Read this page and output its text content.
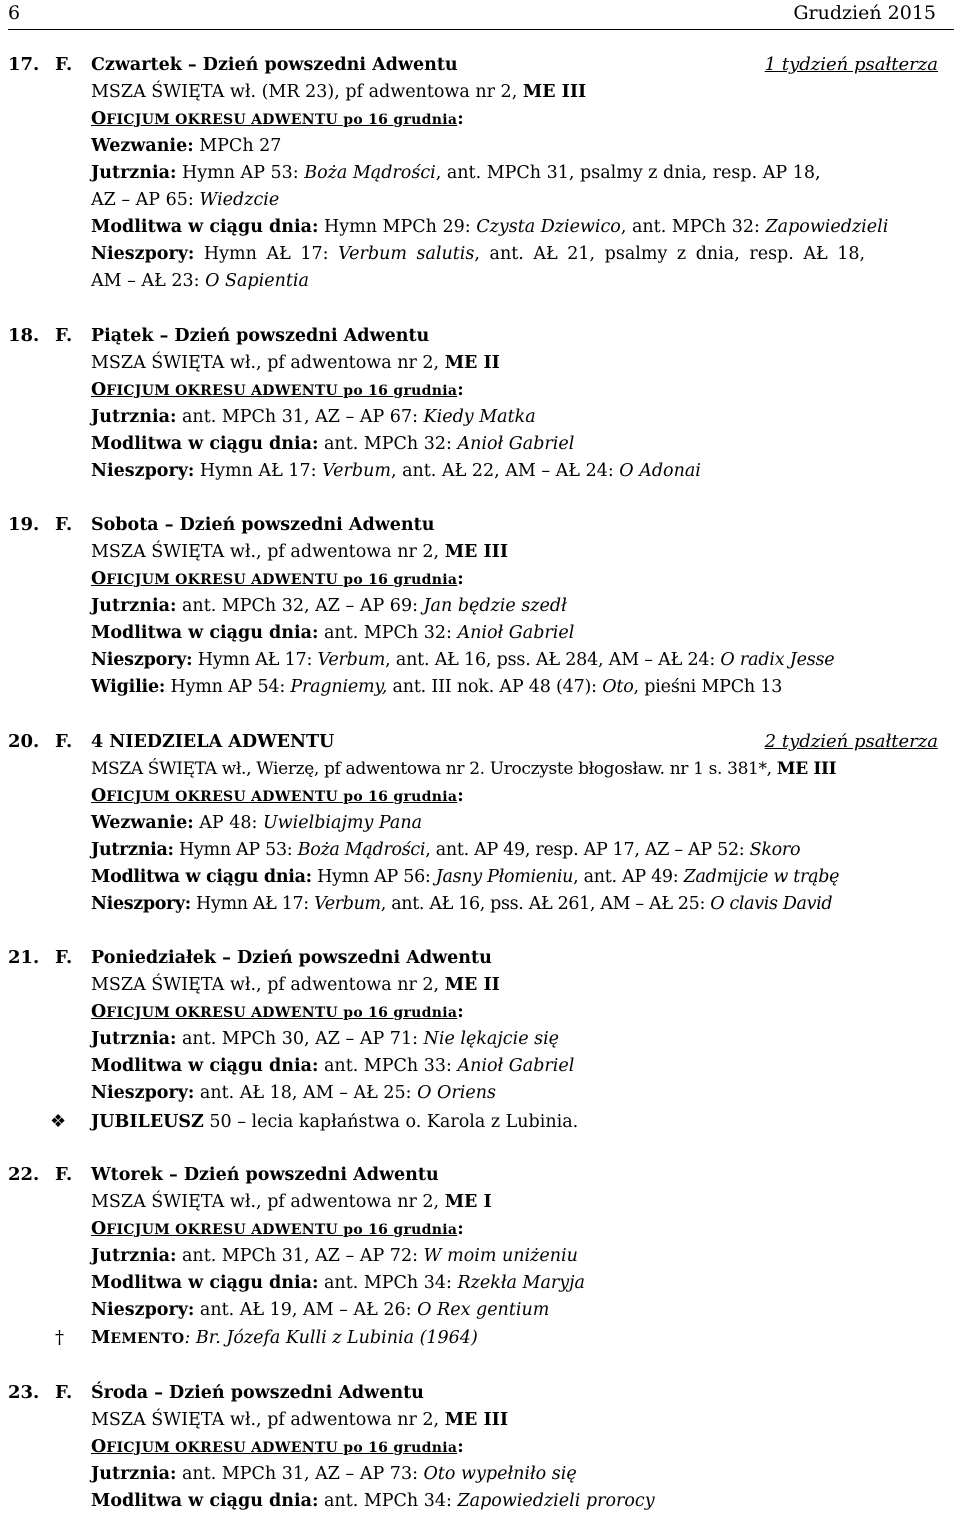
6	Grudzień 2015
17. F. Czwartek – Dzień powszedni Adwentu	1 tydzień psałterza
MSZA ŚWIĘTA wł. (MR 23), pf adwentowa nr 2, ME III
OFICJUM OKRESU ADWENTU po 16 grudnia:
Wezwanie: MPCh 27
Jutrznia: Hymn AP 53: Boża Mądrości, ant. MPCh 31, psalmy z dnia, resp. AP 18,
AZ – AP 65: Wiedzcie
Modlitwa w ciągu dnia: Hymn MPCh 29: Czysta Dziewico, ant. MPCh 32: Zapowiedzieli
Nieszpory: Hymn AŁ 17: Verbum salutis, ant. AŁ 21, psalmy z dnia, resp. AŁ 18,
AM – AŁ 23: O Sapientia
18. F. Piątek – Dzień powszedni Adwentu
MSZA ŚWIĘTA wł., pf adwentowa nr 2, ME II
OFICJUM OKRESU ADWENTU po 16 grudnia:
Jutrznia: ant. MPCh 31, AZ – AP 67: Kiedy Matka
Modlitwa w ciągu dnia: ant. MPCh 32: Anioł Gabriel
Nieszpory: Hymn AŁ 17: Verbum, ant. AŁ 22, AM – AŁ 24: O Adonai
19. F. Sobota – Dzień powszedni Adwentu
MSZA ŚWIĘTA wł., pf adwentowa nr 2, ME III
OFICJUM OKRESU ADWENTU po 16 grudnia:
Jutrznia: ant. MPCh 32, AZ – AP 69: Jan będzie szedł
Modlitwa w ciągu dnia: ant. MPCh 32: Anioł Gabriel
Nieszpory: Hymn AŁ 17: Verbum, ant. AŁ 16, pss. AŁ 284, AM – AŁ 24: O radix Jesse
Wigilie: Hymn AP 54: Pragniemy, ant. III nok. AP 48 (47): Oto, pieśni MPCh 13
20. F. 4 NIEDZIELA ADWENTU	2 tydzień psałterza
MSZA ŚWIĘTA wł., Wierzę, pf adwentowa nr 2. Uroczyste błogosław. nr 1 s. 381*, ME III
OFICJUM OKRESU ADWENTU po 16 grudnia:
Wezwanie: AP 48: Uwielbiajmy Pana
Jutrznia: Hymn AP 53: Boża Mądrości, ant. AP 49, resp. AP 17, AZ – AP 52: Skoro
Modlitwa w ciągu dnia: Hymn AP 56: Jasny Płomieniu, ant. AP 49: Zadmijcie w trąbę
Nieszpory: Hymn AŁ 17: Verbum, ant. AŁ 16, pss. AŁ 261, AM – AŁ 25: O clavis David
21. F. Poniedziałek – Dzień powszedni Adwentu
MSZA ŚWIĘTA wł., pf adwentowa nr 2, ME II
OFICJUM OKRESU ADWENTU po 16 grudnia:
Jutrznia: ant. MPCh 30, AZ – AP 71: Nie lękajcie się
Modlitwa w ciągu dnia: ant. MPCh 33: Anioł Gabriel
Nieszpory: ant. AŁ 18, AM – AŁ 25: O Oriens
❖ JUBILEUSZ 50 – lecia kapłaństwa o. Karola z Lubinia.
22. F. Wtorek – Dzień powszedni Adwentu
MSZA ŚWIĘTA wł., pf adwentowa nr 2, ME I
OFICJUM OKRESU ADWENTU po 16 grudnia:
Jutrznia: ant. MPCh 31, AZ – AP 72: W moim uniżeniu
Modlitwa w ciągu dnia: ant. MPCh 34: Rzekła Maryja
Nieszpory: ant. AŁ 19, AM – AŁ 26: O Rex gentium
† MEMENTO: Br. Józefa Kulli z Lubinia (1964)
23. F. Środa – Dzień powszedni Adwentu
MSZA ŚWIĘTA wł., pf adwentowa nr 2, ME III
OFICJUM OKRESU ADWENTU po 16 grudnia:
Jutrznia: ant. MPCh 31, AZ – AP 73: Oto wypełniło się
Modlitwa w ciągu dnia: ant. MPCh 34: Zapowiedzieli prorocy
